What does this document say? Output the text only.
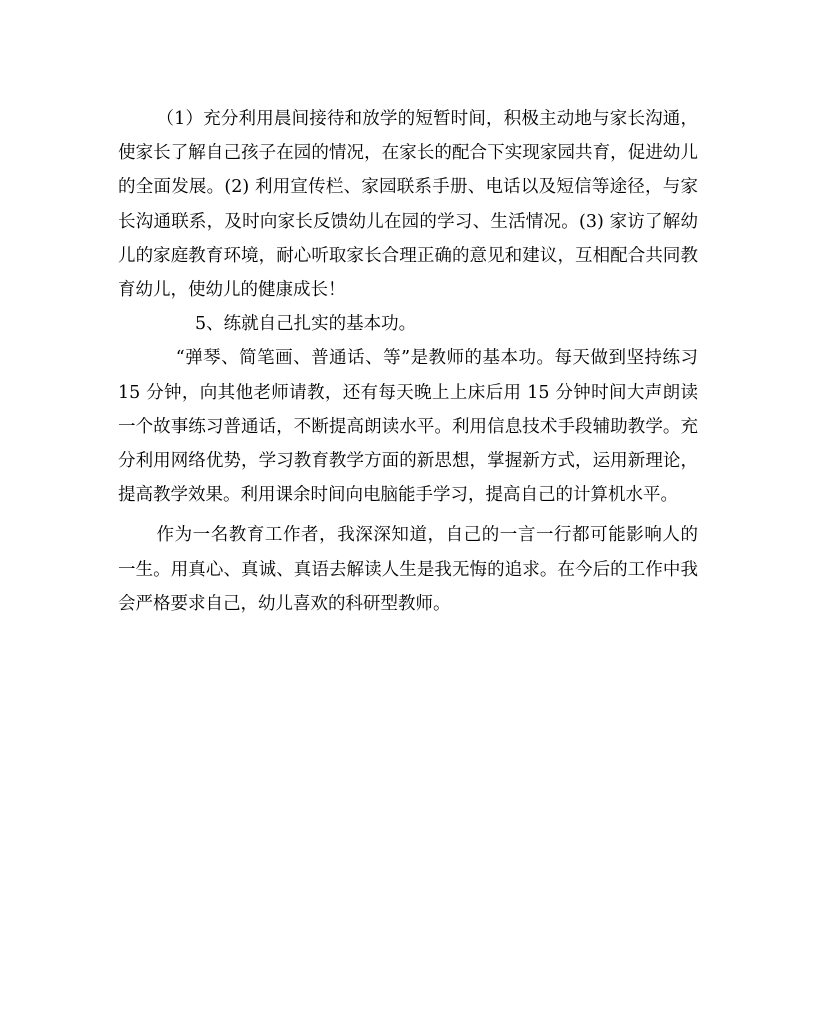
（1）充分利用晨间接待和放学的短暂时间，积极主动地与家长沟通，使家长了解自己孩子在园的情况，在家长的配合下实现家园共育，促进幼儿的全面发展。(2) 利用宣传栏、家园联系手册、电话以及短信等途径，与家长沟通联系，及时向家长反馈幼儿在园的学习、生活情况。(3) 家访了解幼儿的家庭教育环境，耐心听取家长合理正确的意见和建议，互相配合共同教育幼儿，使幼儿的健康成长！

5、练就自己扎实的基本功。

“弹琴、简笔画、普通话、等”是教师的基本功。每天做到坚持练习 15 分钟，向其他老师请教，还有每天晚上上床后用 15 分钟时间大声朗读一个故事练习普通话，不断提高朗读水平。利用信息技术手段辅助教学。充分利用网络优势，学习教育教学方面的新思想，掌握新方式，运用新理论，提高教学效果。利用课余时间向电脑能手学习，提高自己的计算机水平。

作为一名教育工作者，我深深知道，自己的一言一行都可能影响人的一生。用真心、真诚、真语去解读人生是我无悔的追求。在今后的工作中我会严格要求自己，幼儿喜欢的科研型教师。
